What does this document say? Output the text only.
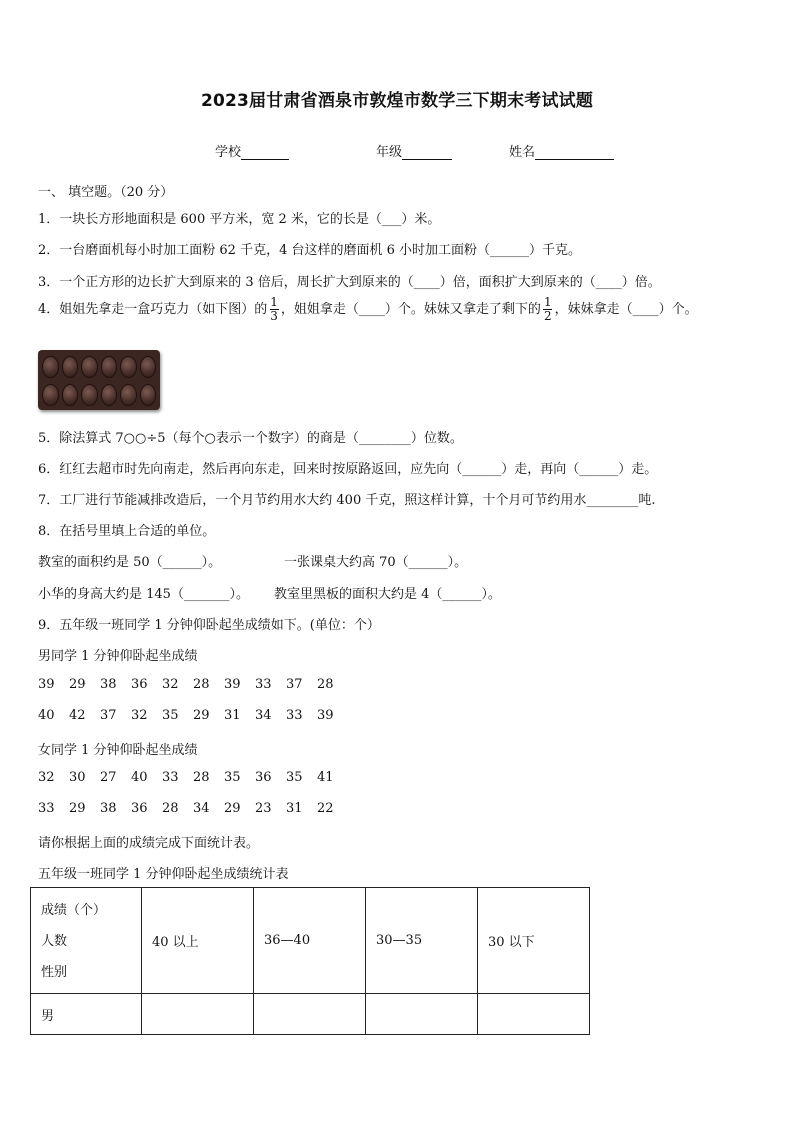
2023届甘肃省酒泉市敦煌市数学三下期末考试试题
学校	年级	姓名
一、 填空题。（20 分）
1．一块长方形地面积是 600 平方米，宽 2 米，它的长是（___）米。
2．一台磨面机每小时加工面粉 62 千克，4 台这样的磨面机 6 小时加工面粉（______）千克。
3．一个正方形的边长扩大到原来的 3 倍后，周长扩大到原来的（____）倍，面积扩大到原来的（____）倍。
4．姐姐先拿走一盒巧克力（如下图）的 $\frac{1}{3}$ ，姐姐拿走（____）个。妹妹又拿走了剩下的 $\frac{1}{2}$ ，妹妹拿走（____）个。
5．除法算式 7○○÷5（每个○表示一个数字）的商是（________）位数。
6．红红去超市时先向南走，然后再向东走，回来时按原路返回，应先向（______）走，再向（______）走。
7．工厂进行节能减排改造后，一个月节约用水大约 400 千克，照这样计算，十个月可节约用水________吨.
8．在括号里填上合适的单位。
教室的面积约是 50（______）。	一张课桌大约高 70（______）。
小华的身高大约是 145（_______）。 教室里黑板的面积大约是 4（______）。
9．五年级一班同学 1 分钟仰卧起坐成绩如下。(单位：个）
男同学 1 分钟仰卧起坐成绩
39 29 38 36 32 28 39 33 37 28
40 42 37 32 35 29 31 34 33 39
女同学 1 分钟仰卧起坐成绩
32 30 27 40 33 28 35 36 35 41
33 29 38 36 28 34 29 23 31 22
请你根据上面的成绩完成下面统计表。
五年级一班同学 1 分钟仰卧起坐成绩统计表
成绩（个）
人数
性别	40 以上	36—40	30—35	30 以下
男				
